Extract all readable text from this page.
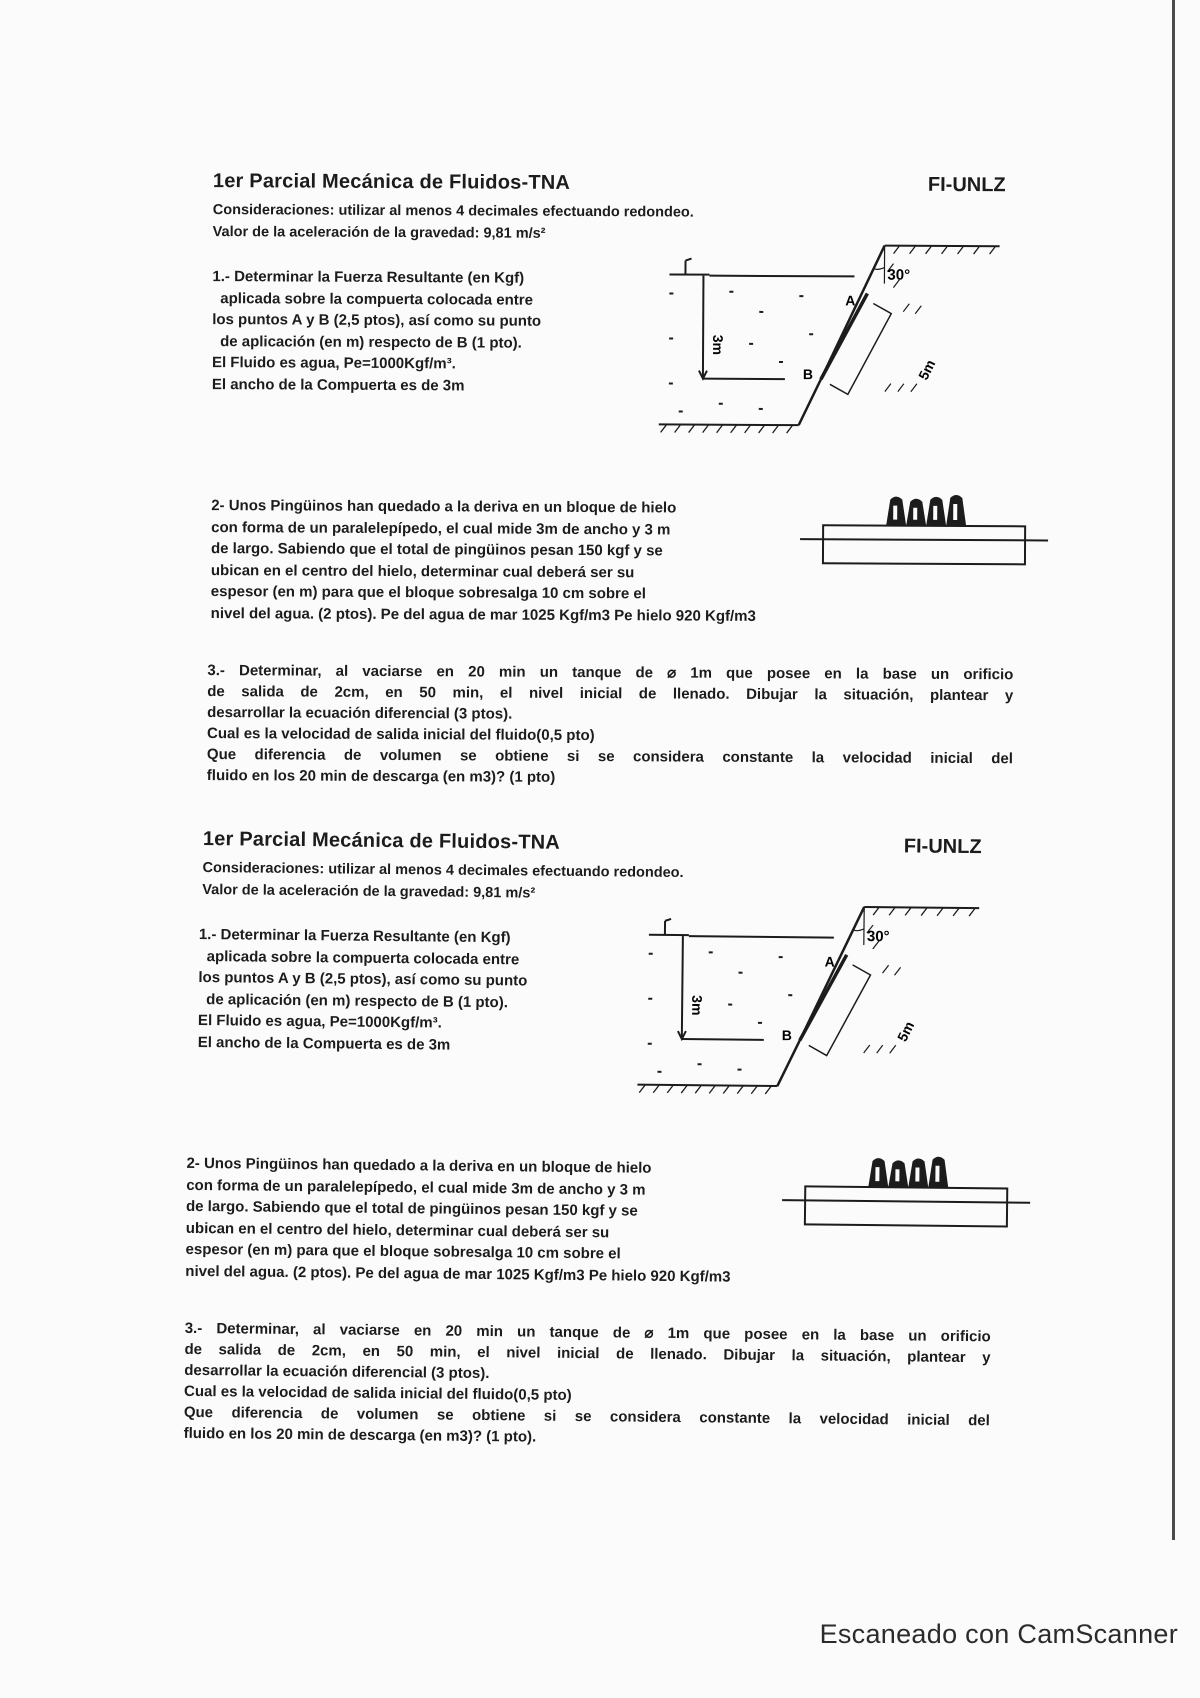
1er Parcial Mecánica de Fluidos-TNA	FI-UNLZ
Consideraciones: utilizar al menos 4 decimales efectuando redondeo.
Valor de la aceleración de la gravedad: 9,81 m/s²
1.- Determinar la Fuerza Resultante (en Kgf)
aplicada sobre la compuerta colocada entre
los puntos A y B (2,5 ptos), así como su punto
de aplicación (en m) respecto de B (1 pto).
El Fluido es agua, Pe=1000Kgf/m³.
El ancho de la Compuerta es de 3m
3m
5m
30°
A
B
2- Unos Pingüinos han quedado a la deriva en un bloque de hielo
con forma de un paralelepípedo, el cual mide 3m de ancho y 3 m
de largo. Sabiendo que el total de pingüinos pesan 150 kgf y se
ubican en el centro del hielo, determinar cual deberá ser su
espesor (en m) para que el bloque sobresalga 10 cm sobre el
nivel del agua. (2 ptos). Pe del agua de mar 1025 Kgf/m3 Pe hielo 920 Kgf/m3
3.- Determinar, al vaciarse en 20 min un tanque de ⌀ 1m que posee en la base un orificio
de salida de 2cm, en 50 min, el nivel inicial de llenado. Dibujar la situación, plantear y
desarrollar la ecuación diferencial (3 ptos).
Cual es la velocidad de salida inicial del fluido(0,5 pto)
Que diferencia de volumen se obtiene si se considera constante la velocidad inicial del
fluido en los 20 min de descarga (en m3)? (1 pto)
1er Parcial Mecánica de Fluidos-TNA	FI-UNLZ
Consideraciones: utilizar al menos 4 decimales efectuando redondeo.
Valor de la aceleración de la gravedad: 9,81 m/s²
1.- Determinar la Fuerza Resultante (en Kgf)
aplicada sobre la compuerta colocada entre
los puntos A y B (2,5 ptos), así como su punto
de aplicación (en m) respecto de B (1 pto).
El Fluido es agua, Pe=1000Kgf/m³.
El ancho de la Compuerta es de 3m
3m
5m
30°
A
B
2- Unos Pingüinos han quedado a la deriva en un bloque de hielo
con forma de un paralelepípedo, el cual mide 3m de ancho y 3 m
de largo. Sabiendo que el total de pingüinos pesan 150 kgf y se
ubican en el centro del hielo, determinar cual deberá ser su
espesor (en m) para que el bloque sobresalga 10 cm sobre el
nivel del agua. (2 ptos). Pe del agua de mar 1025 Kgf/m3 Pe hielo 920 Kgf/m3
3.- Determinar, al vaciarse en 20 min un tanque de ⌀ 1m que posee en la base un orificio
de salida de 2cm, en 50 min, el nivel inicial de llenado. Dibujar la situación, plantear y
desarrollar la ecuación diferencial (3 ptos).
Cual es la velocidad de salida inicial del fluido(0,5 pto)
Que diferencia de volumen se obtiene si se considera constante la velocidad inicial del
fluido en los 20 min de descarga (en m3)? (1 pto).
Escaneado con CamScanner
